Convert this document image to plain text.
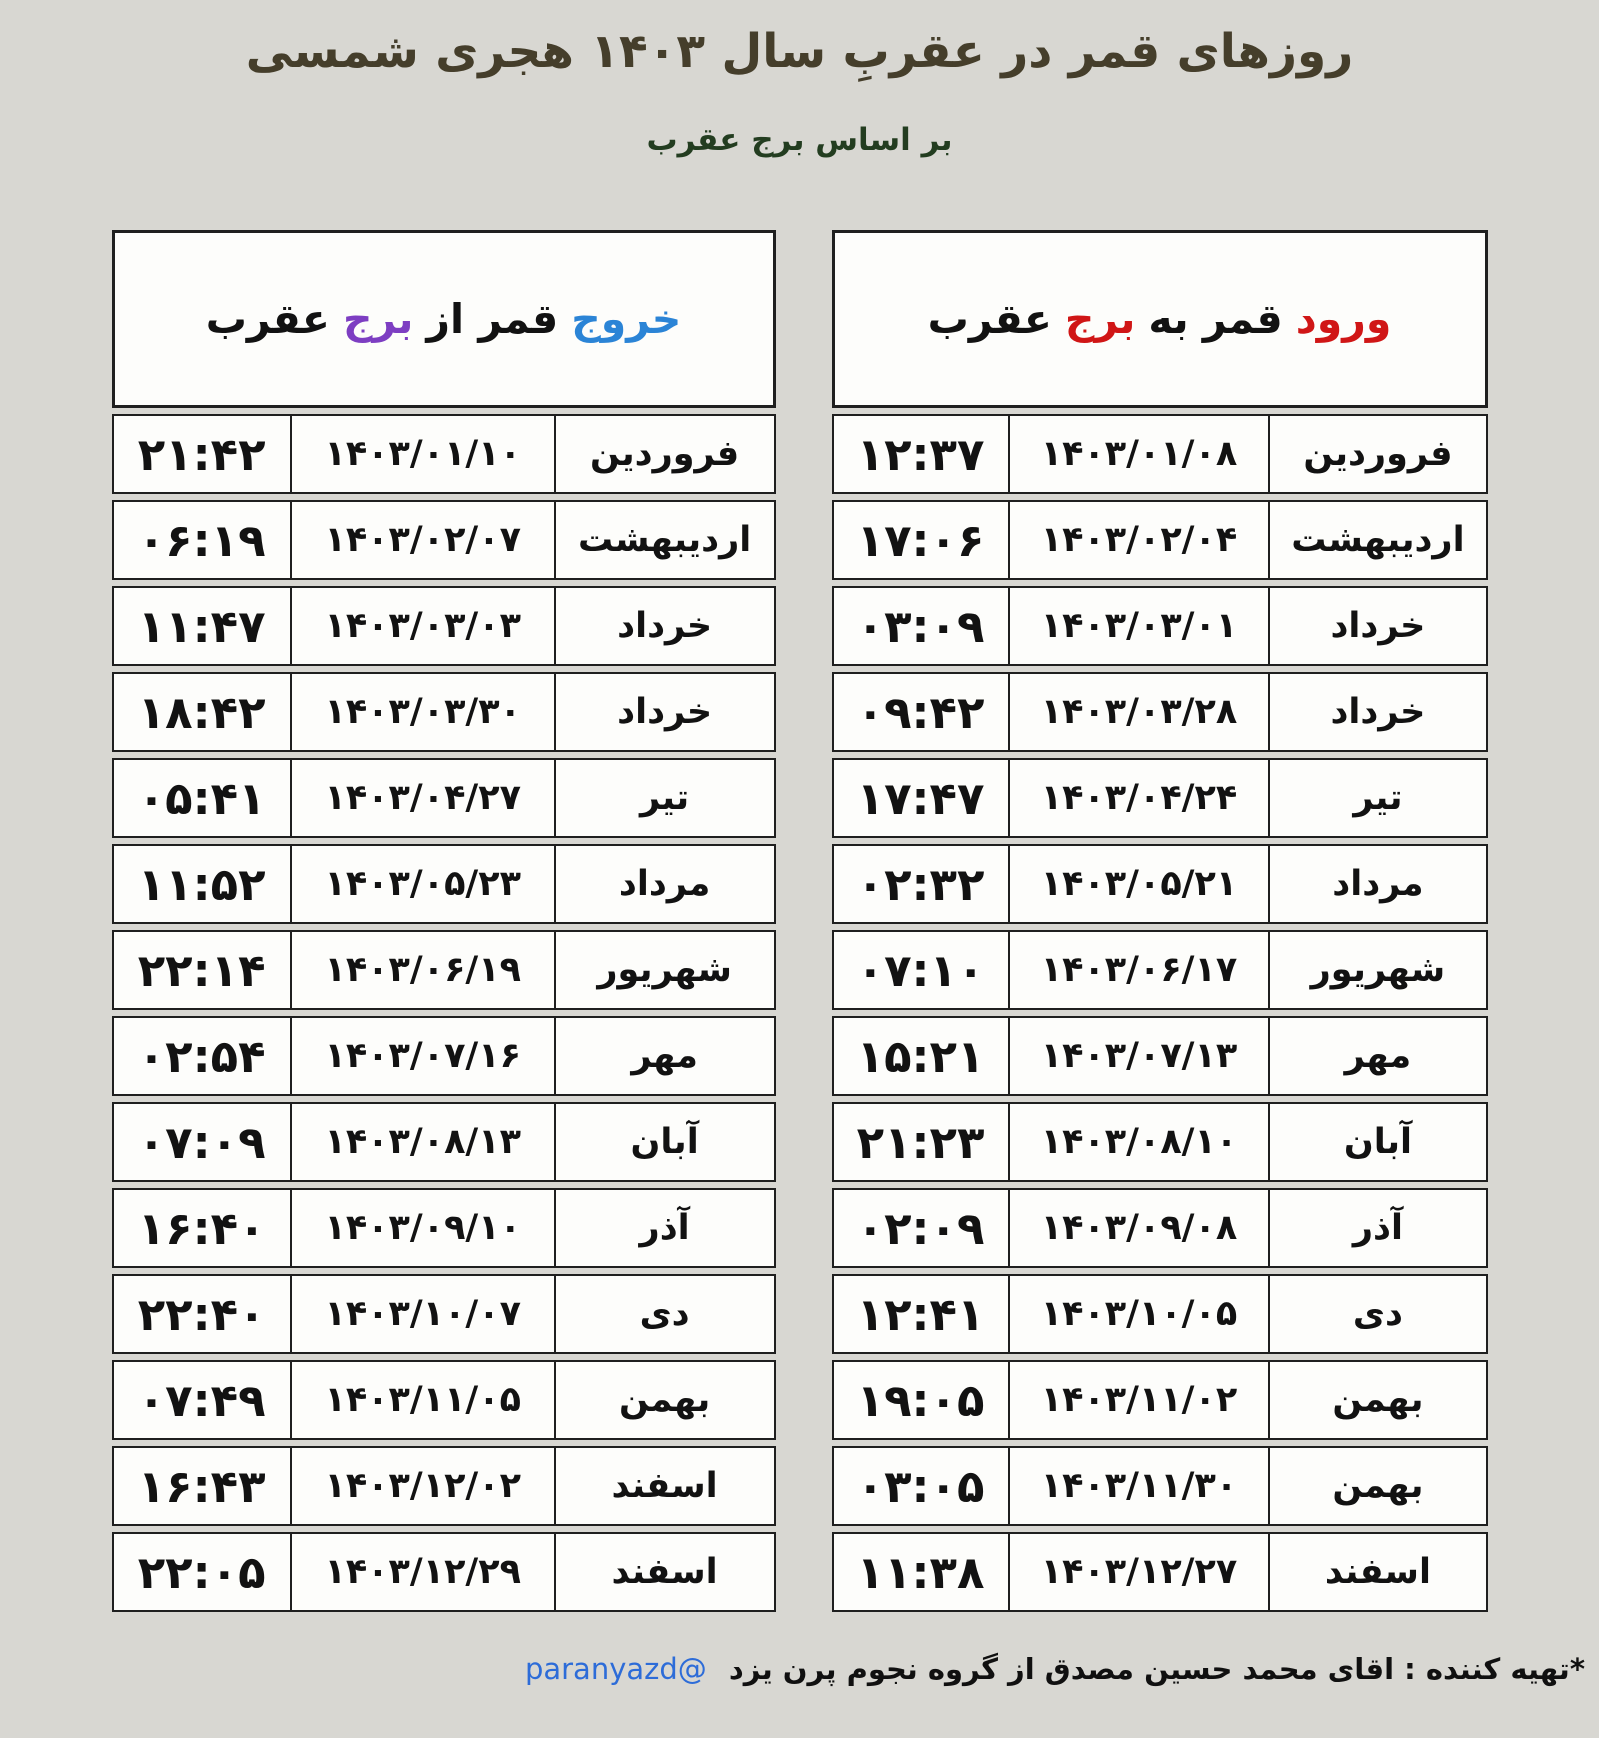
روزهای قمر در عقربِ سال ۱۴۰۳ هجری شمسی
بر اساس برج عقرب
ورود
قمر به
برج
عقرب
فروردین
۱۴۰۳/۰۱/۰۸
۱۲:۳۷
اردیبهشت
۱۴۰۳/۰۲/۰۴
۱۷:۰۶
خرداد
۱۴۰۳/۰۳/۰۱
۰۳:۰۹
خرداد
۱۴۰۳/۰۳/۲۸
۰۹:۴۲
تیر
۱۴۰۳/۰۴/۲۴
۱۷:۴۷
مرداد
۱۴۰۳/۰۵/۲۱
۰۲:۳۲
شهریور
۱۴۰۳/۰۶/۱۷
۰۷:۱۰
مهر
۱۴۰۳/۰۷/۱۳
۱۵:۲۱
آبان
۱۴۰۳/۰۸/۱۰
۲۱:۲۳
آذر
۱۴۰۳/۰۹/۰۸
۰۲:۰۹
دی
۱۴۰۳/۱۰/۰۵
۱۲:۴۱
بهمن
۱۴۰۳/۱۱/۰۲
۱۹:۰۵
بهمن
۱۴۰۳/۱۱/۳۰
۰۳:۰۵
اسفند
۱۴۰۳/۱۲/۲۷
۱۱:۳۸
خروج
قمر از
برج
عقرب
فروردین
۱۴۰۳/۰۱/۱۰
۲۱:۴۲
اردیبهشت
۱۴۰۳/۰۲/۰۷
۰۶:۱۹
خرداد
۱۴۰۳/۰۳/۰۳
۱۱:۴۷
خرداد
۱۴۰۳/۰۳/۳۰
۱۸:۴۲
تیر
۱۴۰۳/۰۴/۲۷
۰۵:۴۱
مرداد
۱۴۰۳/۰۵/۲۳
۱۱:۵۲
شهریور
۱۴۰۳/۰۶/۱۹
۲۲:۱۴
مهر
۱۴۰۳/۰۷/۱۶
۰۲:۵۴
آبان
۱۴۰۳/۰۸/۱۳
۰۷:۰۹
آذر
۱۴۰۳/۰۹/۱۰
۱۶:۴۰
دی
۱۴۰۳/۱۰/۰۷
۲۲:۴۰
بهمن
۱۴۰۳/۱۱/۰۵
۰۷:۴۹
اسفند
۱۴۰۳/۱۲/۰۲
۱۶:۴۳
اسفند
۱۴۰۳/۱۲/۲۹
۲۲:۰۵
*تهیه کننده : اقای محمد حسین مصدق از گروه نجوم پرن یزد @paranyazd
